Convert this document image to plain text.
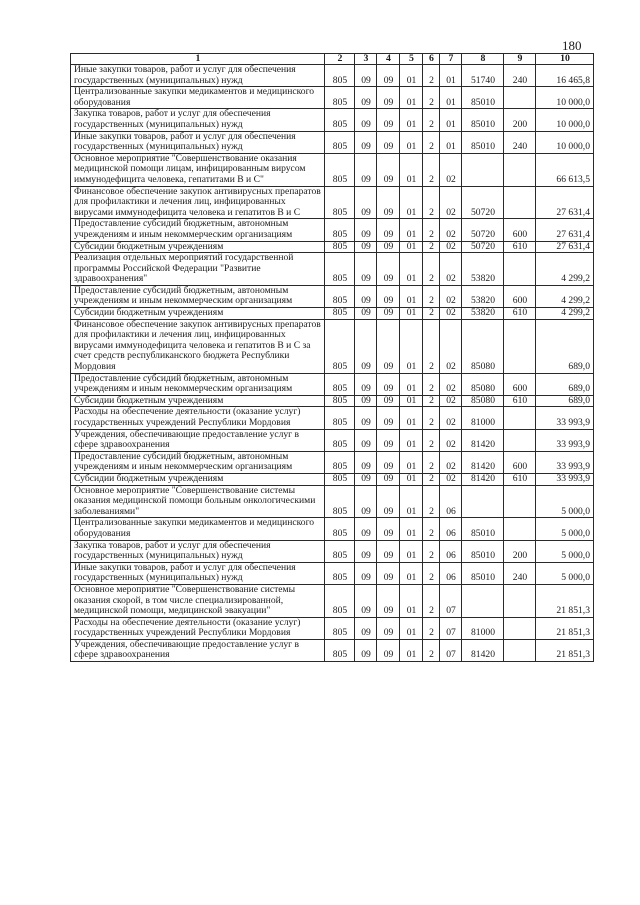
180
1	2	3	4	5	6	7	8	9	10
Иные закупки товаров, работ и услуг для обеспечения государственных (муниципальных) нужд	805	09	09	01	2	01	51740	240	16 465,8
Централизованные закупки медикаментов и медицинского оборудования	805	09	09	01	2	01	85010		10 000,0
Закупка товаров, работ и услуг для обеспечения государственных (муниципальных) нужд	805	09	09	01	2	01	85010	200	10 000,0
Иные закупки товаров, работ и услуг для обеспечения государственных (муниципальных) нужд	805	09	09	01	2	01	85010	240	10 000,0
Основное мероприятие "Совершенствование оказания медицинской помощи лицам, инфицированным вирусом иммунодефицита человека, гепатитами В и С"	805	09	09	01	2	02			66 613,5
Финансовое обеспечение закупок антивирусных препаратов для профилактики и лечения лиц, инфицированных вирусами иммунодефицита человека и гепатитов В и С	805	09	09	01	2	02	50720		27 631,4
Предоставление субсидий бюджетным, автономным учреждениям и иным некоммерческим организациям	805	09	09	01	2	02	50720	600	27 631,4
Субсидии бюджетным учреждениям	805	09	09	01	2	02	50720	610	27 631,4
Реализация отдельных мероприятий государственной программы Российской Федерации "Развитие здравоохранения"	805	09	09	01	2	02	53820		4 299,2
Предоставление субсидий бюджетным, автономным учреждениям и иным некоммерческим организациям	805	09	09	01	2	02	53820	600	4 299,2
Субсидии бюджетным учреждениям	805	09	09	01	2	02	53820	610	4 299,2
Финансовое обеспечение закупок антивирусных препаратов для профилактики и лечения лиц, инфицированных вирусами иммунодефицита человека и гепатитов В и С за счет средств республиканского бюджета Республики Мордовия	805	09	09	01	2	02	85080		689,0
Предоставление субсидий бюджетным, автономным учреждениям и иным некоммерческим организациям	805	09	09	01	2	02	85080	600	689,0
Субсидии бюджетным учреждениям	805	09	09	01	2	02	85080	610	689,0
Расходы на обеспечение деятельности (оказание услуг) государственных учреждений Республики Мордовия	805	09	09	01	2	02	81000		33 993,9
Учреждения, обеспечивающие предоставление услуг в сфере здравоохранения	805	09	09	01	2	02	81420		33 993,9
Предоставление субсидий бюджетным, автономным учреждениям и иным некоммерческим организациям	805	09	09	01	2	02	81420	600	33 993,9
Субсидии бюджетным учреждениям	805	09	09	01	2	02	81420	610	33 993,9
Основное мероприятие "Совершенствование системы оказания медицинской помощи больным онкологическими заболеваниями"	805	09	09	01	2	06			5 000,0
Централизованные закупки медикаментов и медицинского оборудования	805	09	09	01	2	06	85010		5 000,0
Закупка товаров, работ и услуг для обеспечения государственных (муниципальных) нужд	805	09	09	01	2	06	85010	200	5 000,0
Иные закупки товаров, работ и услуг для обеспечения государственных (муниципальных) нужд	805	09	09	01	2	06	85010	240	5 000,0
Основное мероприятие "Совершенствование системы оказания скорой, в том числе специализированной, медицинской помощи, медицинской эвакуации"	805	09	09	01	2	07			21 851,3
Расходы на обеспечение деятельности (оказание услуг) государственных учреждений Республики Мордовия	805	09	09	01	2	07	81000		21 851,3
Учреждения, обеспечивающие предоставление услуг в сфере здравоохранения	805	09	09	01	2	07	81420		21 851,3
